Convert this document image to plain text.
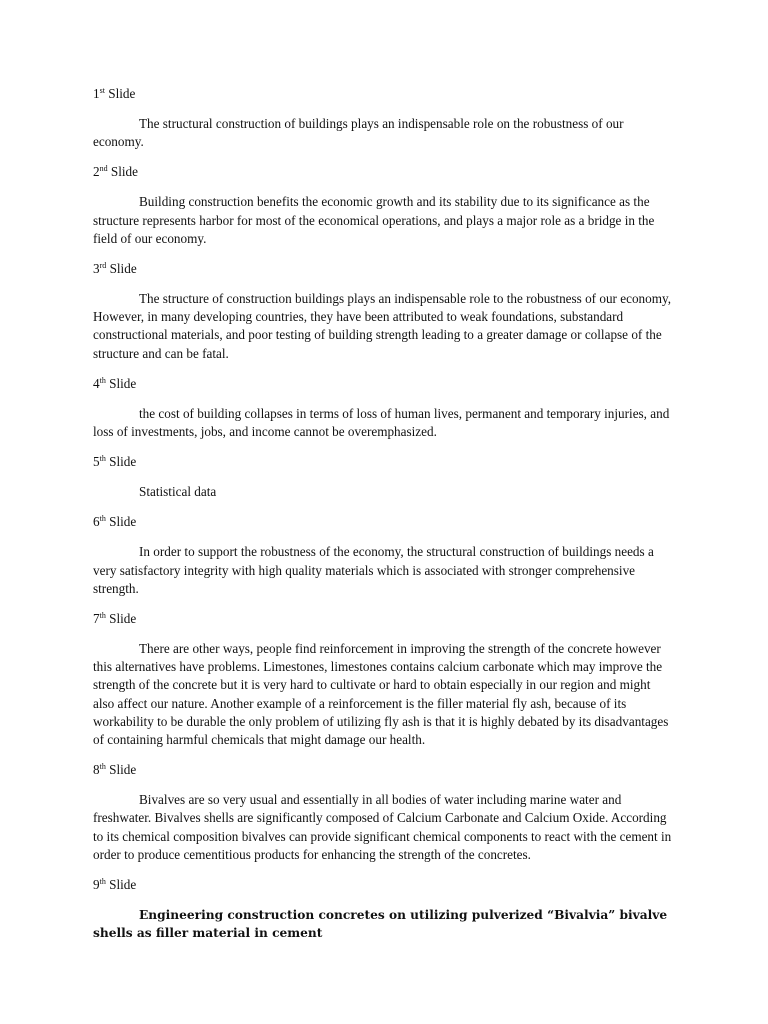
1st Slide

The structural construction of buildings plays an indispensable role on the robustness of our economy.

2nd Slide

Building construction benefits the economic growth and its stability due to its significance as the structure represents harbor for most of the economical operations, and plays a major role as a bridge in the field of our economy.

3rd Slide

The structure of construction buildings plays an indispensable role to the robustness of our economy, However, in many developing countries, they have been attributed to weak foundations, substandard constructional materials, and poor testing of building strength leading to a greater damage or collapse of the structure and can be fatal.

4th Slide

the cost of building collapses in terms of loss of human lives, permanent and temporary injuries, and loss of investments, jobs, and income cannot be overemphasized.

5th Slide

Statistical data

6th Slide

In order to support the robustness of the economy, the structural construction of buildings needs a very satisfactory integrity with high quality materials which is associated with stronger comprehensive strength.

7th Slide

There are other ways, people find reinforcement in improving the strength of the concrete however this alternatives have problems. Limestones, limestones contains calcium carbonate which may improve the strength of the concrete but it is very hard to cultivate or hard to obtain especially in our region and might also affect our nature. Another example of a reinforcement is the filler material fly ash, because of its workability to be durable the only problem of utilizing fly ash is that it is highly debated by its disadvantages of containing harmful chemicals that might damage our health.

8th Slide

Bivalves are so very usual and essentially in all bodies of water including marine water and freshwater. Bivalves shells are significantly composed of Calcium Carbonate and Calcium Oxide. According to its chemical composition bivalves can provide significant chemical components to react with the cement in order to produce cementitious products for enhancing the strength of the concretes.

9th Slide

Engineering construction concretes on utilizing pulverized “Bivalvia” bivalve shells as filler material in cement
